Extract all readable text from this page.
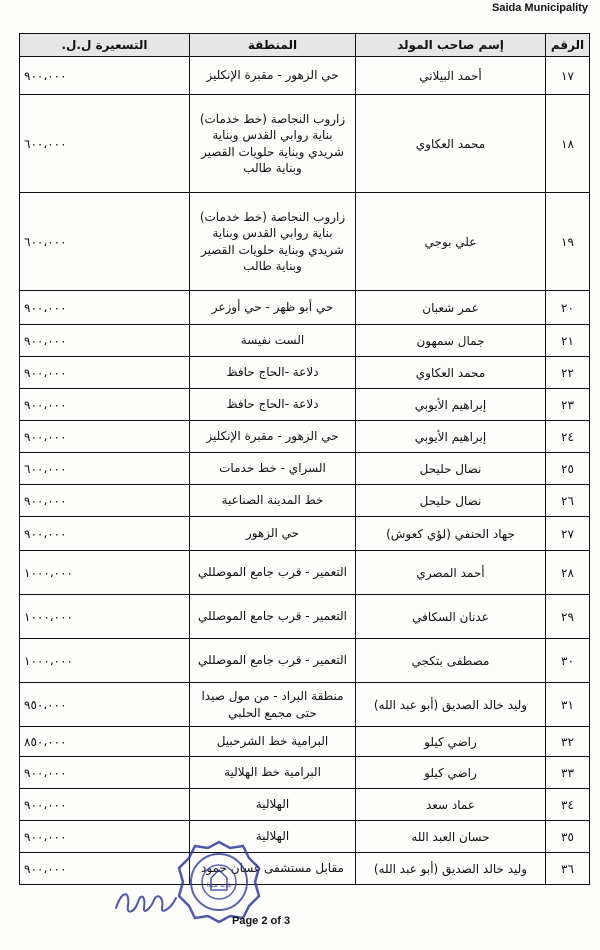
Saida Municipality
الرقم	إسم صاحب المولد	المنطقة	التسعيرة ل.ل.
١٧	أحمد البيلاني	حي الزهور - مقبرة الإنكليز	٩٠٠،٠٠٠
١٨	محمد العكاوي	زاروب النجاصة (خط خدمات) بناية روابي القدس وبناية شريدي وبناية حلويات القصير وبناية طالب	٦٠٠،٠٠٠
١٩	علي بوجي	زاروب النجاصة (خط خدمات) بناية روابي القدس وبناية شريدي وبناية حلويات القصير وبناية طالب	٦٠٠،٠٠٠
٢٠	عمر شعبان	حي أبو ظهر - حي أوزعر	٩٠٠،٠٠٠
٢١	جمال سمهون	الست نفيسة	٩٠٠،٠٠٠
٢٢	محمد العكاوي	دلاعة -الحاج حافظ	٩٠٠،٠٠٠
٢٣	إبراهيم الأيوبي	دلاعة -الحاج حافظ	٩٠٠،٠٠٠
٢٤	إبراهيم الأيوبي	حي الزهور - مقبرة الإنكليز	٩٠٠،٠٠٠
٢٥	نضال حليحل	السراي - خط خدمات	٦٠٠،٠٠٠
٢٦	نضال حليحل	خط المدينة الصناعية	٩٠٠،٠٠٠
٢٧	جهاد الحنفي (لؤي كعوش)	حي الزهور	٩٠٠،٠٠٠
٢٨	أحمد المصري	التعمير - قرب جامع الموصللي	١٠٠٠،٠٠٠
٢٩	عدنان السكافي	التعمير - قرب جامع الموصللي	١٠٠٠،٠٠٠
٣٠	مصطفى بتكجي	التعمير - قرب جامع الموصللي	١٠٠٠،٠٠٠
٣١	وليد خالد الصديق (أبو عبد الله)	منطقة البراد - من مول صيدا حتى مجمع الحلبي	٩٥٠،٠٠٠
٣٢	راضي كيلو	البرامية خط الشرحبيل	٨٥٠،٠٠٠
٣٣	راضي كيلو	البرامية خط الهلالية	٩٠٠،٠٠٠
٣٤	عماد سعد	الهلالية	٩٠٠،٠٠٠
٣٥	حسان العبد الله	الهلالية	٩٠٠،٠٠٠
٣٦	وليد خالد الصديق (أبو عبد الله)	مقابل مستشفى غسان حمود	٩٠٠،٠٠٠
بلدية صيدا
Page 2 of 3
